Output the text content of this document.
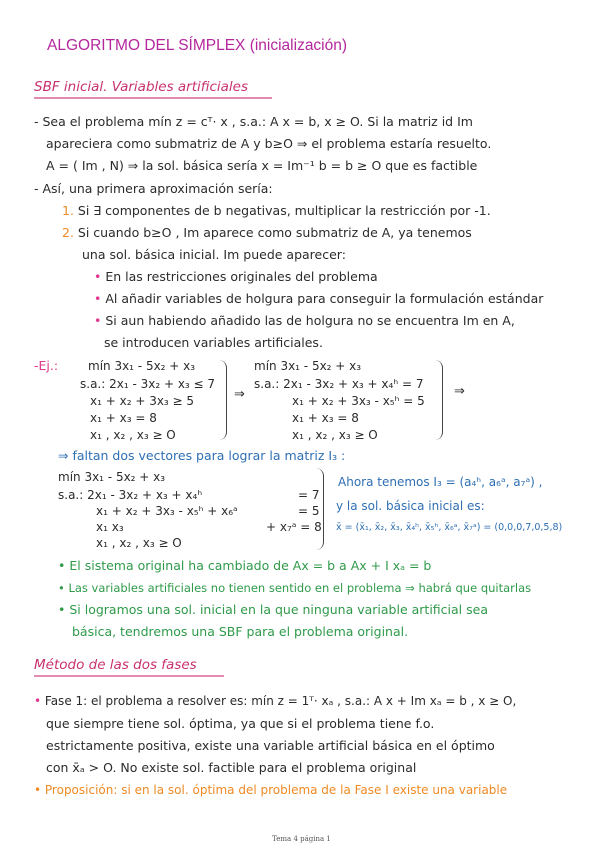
ALGORITMO DEL SÍMPLEX (inicialización)
SBF inicial. Variables artificiales
- Sea el problema mín z = cᵀ· x , s.a.: A x = b, x ≥ O. Si la matriz id Im
apareciera como submatriz de A y b≥O ⇒ el problema estaría resuelto.
A = ( Im , N) ⇒ la sol. básica sería x = Im⁻¹ b = b ≥ O que es factible
- Así, una primera aproximación sería:
1. Si ∃ componentes de b negativas, multiplicar la restricción por -1.
2. Si cuando b≥O , Im aparece como submatriz de A, ya tenemos
una sol. básica inicial. Im puede aparecer:
• En las restricciones originales del problema
• Al añadir variables de holgura para conseguir la formulación estándar
• Si aun habiendo añadido las de holgura no se encuentra Im en A,
se introducen variables artificiales.
-Ej.: mín 3x₁ - 5x₂ + x₃
s.a.: 2x₁ - 3x₂ + x₃ ≤ 7
x₁ + x₂ + 3x₃ ≥ 5
x₁ + x₃ = 8
x₁ , x₂ , x₃ ≥ O
⇒
mín 3x₁ - 5x₂ + x₃
s.a.: 2x₁ - 3x₂ + x₃ + x₄ʰ = 7
x₁ + x₂ + 3x₃ - x₅ʰ = 5
x₁ + x₃ = 8
x₁ , x₂ , x₃ ≥ O
⇒
⇒ faltan dos vectores para lograr la matriz I₃ :
mín 3x₁ - 5x₂ + x₃
s.a.: 2x₁ - 3x₂ + x₃ + x₄ʰ
x₁ + x₂ + 3x₃ - x₅ʰ + x₆ᵃ
x₁ x₃
x₁ , x₂ , x₃ ≥ O
= 7
= 5
+ x₇ᵃ = 8
Ahora tenemos I₃ = (a₄ʰ, a₆ᵃ, a₇ᵃ) ,
y la sol. básica inicial es:
x̄ = (x̄₁, x̄₂, x̄₃, x̄₄ʰ, x̄₅ʰ, x̄₆ᵃ, x̄₇ᵃ) = (0,0,0,7,0,5,8)
• El sistema original ha cambiado de Ax = b a Ax + I xₐ = b
• Las variables artificiales no tienen sentido en el problema ⇒ habrá que quitarlas
• Si logramos una sol. inicial en la que ninguna variable artificial sea
básica, tendremos una SBF para el problema original.
Método de las dos fases
• Fase 1: el problema a resolver es: mín z = 1ᵀ· xₐ , s.a.: A x + Im xₐ = b , x ≥ O,
que siempre tiene sol. óptima, ya que si el problema tiene f.o.
estrictamente positiva, existe una variable artificial básica en el óptimo
con x̄ₐ > O. No existe sol. factible para el problema original
• Proposición: si en la sol. óptima del problema de la Fase I existe una variable
Tema 4 página 1
